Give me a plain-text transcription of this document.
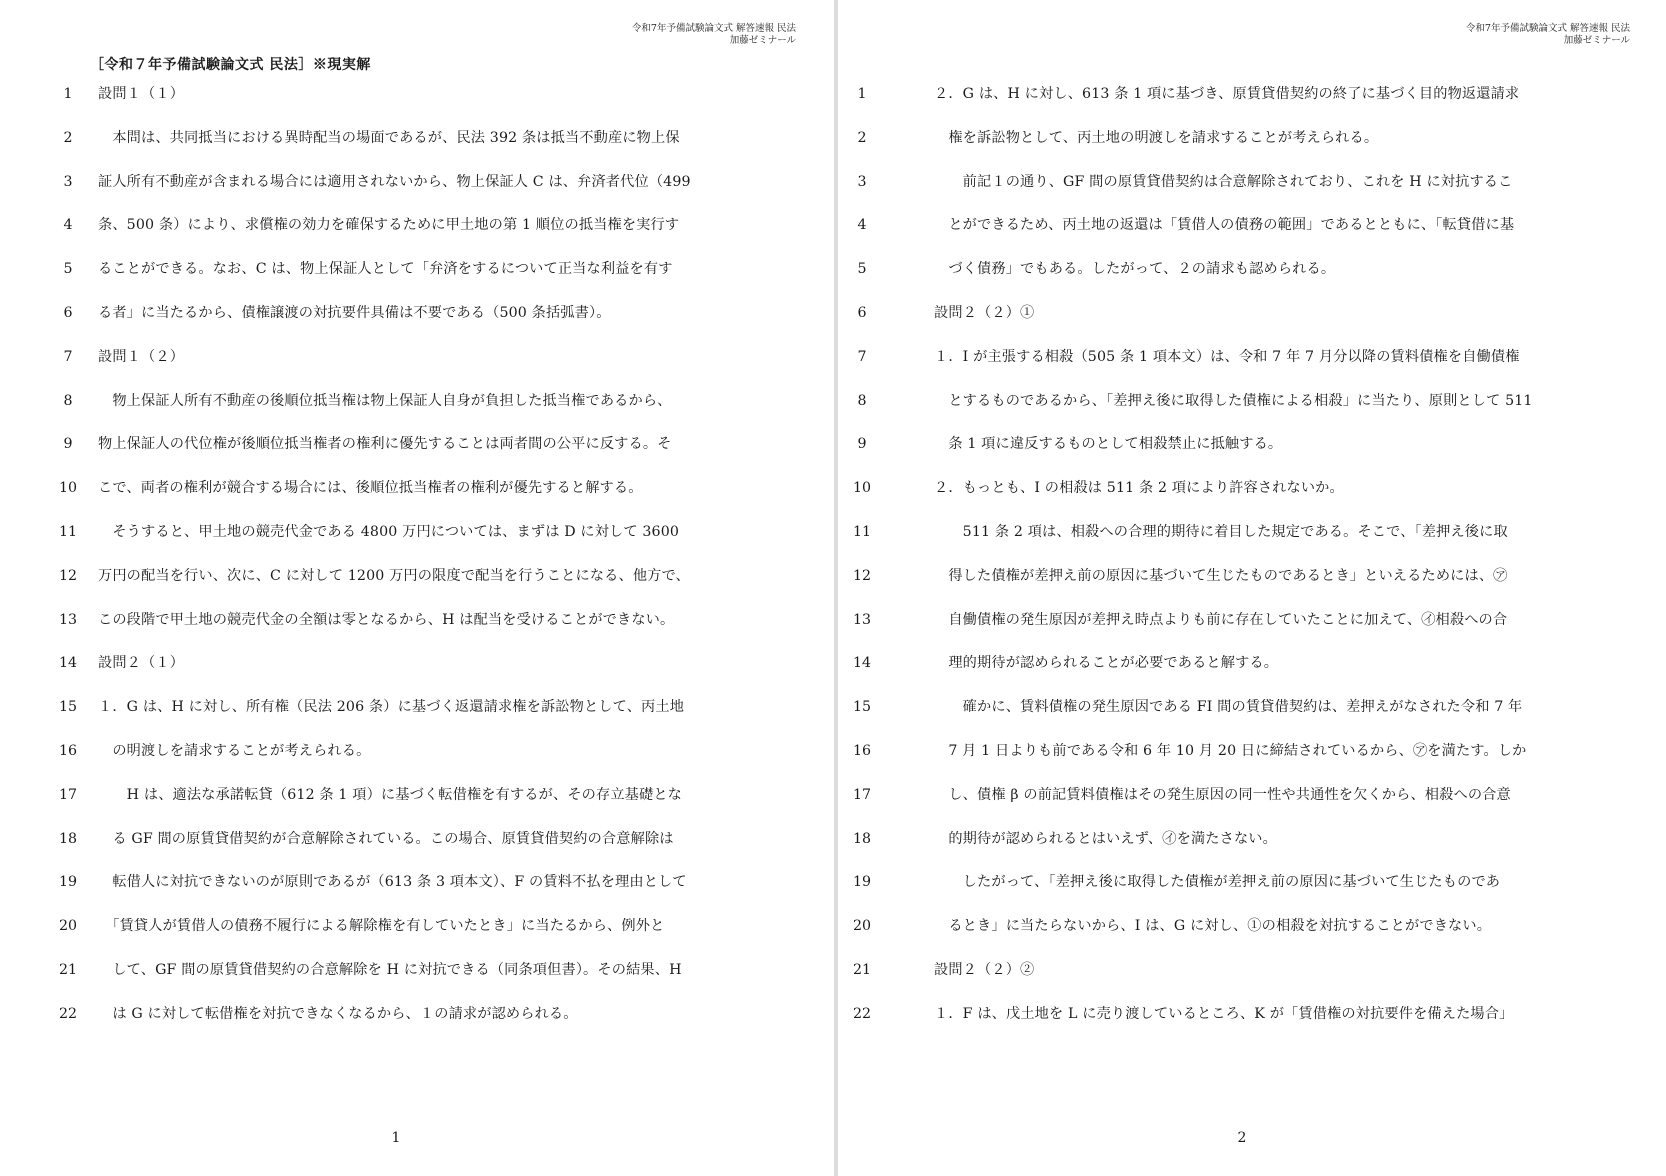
令和7年予備試験論文式 解答速報 民法
加藤ゼミナール
［令和７年予備試験論文式 民法］※現実解
1	設問１（１）
2	　本問は、共同抵当における異時配当の場面であるが、民法 392 条は抵当不動産に物上保
3	証人所有不動産が含まれる場合には適用されないから、物上保証人 C は、弁済者代位（499
4	条、500 条）により、求償権の効力を確保するために甲土地の第 1 順位の抵当権を実行す
5	ることができる。なお、C は、物上保証人として「弁済をするについて正当な利益を有す
6	る者」に当たるから、債権譲渡の対抗要件具備は不要である（500 条括弧書）。
7	設問１（２）
8	　物上保証人所有不動産の後順位抵当権は物上保証人自身が負担した抵当権であるから、
9	物上保証人の代位権が後順位抵当権者の権利に優先することは両者間の公平に反する。そ
10	こで、両者の権利が競合する場合には、後順位抵当権者の権利が優先すると解する。
11	　そうすると、甲土地の競売代金である 4800 万円については、まずは D に対して 3600
12	万円の配当を行い、次に、C に対して 1200 万円の限度で配当を行うことになる、他方で、
13	この段階で甲土地の競売代金の全額は零となるから、H は配当を受けることができない。
14	設問２（１）
15	１．G は、H に対し、所有権（民法 206 条）に基づく返還請求権を訴訟物として、丙土地
16	　の明渡しを請求することが考えられる。
17	　　H は、適法な承諾転貸（612 条 1 項）に基づく転借権を有するが、その存立基礎とな
18	　る GF 間の原賃貸借契約が合意解除されている。この場合、原賃貸借契約の合意解除は
19	　転借人に対抗できないのが原則であるが（613 条 3 項本文）、F の賃料不払を理由として
20	　「賃貸人が賃借人の債務不履行による解除権を有していたとき」に当たるから、例外と
21	　して、GF 間の原賃貸借契約の合意解除を H に対抗できる（同条項但書）。その結果、H
22	　は G に対して転借権を対抗できなくなるから、１の請求が認められる。
1
令和7年予備試験論文式 解答速報 民法
加藤ゼミナール
1	２．G は、H に対し、613 条 1 項に基づき、原賃貸借契約の終了に基づく目的物返還請求
2	　権を訴訟物として、丙土地の明渡しを請求することが考えられる。
3	　　前記１の通り、GF 間の原賃貸借契約は合意解除されており、これを H に対抗するこ
4	　とができるため、丙土地の返還は「賃借人の債務の範囲」であるとともに、「転貸借に基
5	　づく債務」でもある。したがって、２の請求も認められる。
6	設問２（２）①
7	１．I が主張する相殺（505 条 1 項本文）は、令和 7 年 7 月分以降の賃料債権を自働債権
8	　とするものであるから、「差押え後に取得した債権による相殺」に当たり、原則として 511
9	　条 1 項に違反するものとして相殺禁止に抵触する。
10	２．もっとも、I の相殺は 511 条 2 項により許容されないか。
11	　　511 条 2 項は、相殺への合理的期待に着目した規定である。そこで、「差押え後に取
12	　得した債権が差押え前の原因に基づいて生じたものであるとき」といえるためには、㋐
13	　自働債権の発生原因が差押え時点よりも前に存在していたことに加えて、㋑相殺への合
14	　理的期待が認められることが必要であると解する。
15	　　確かに、賃料債権の発生原因である FI 間の賃貸借契約は、差押えがなされた令和 7 年
16	　7 月 1 日よりも前である令和 6 年 10 月 20 日に締結されているから、㋐を満たす。しか
17	　し、債権 β の前記賃料債権はその発生原因の同一性や共通性を欠くから、相殺への合意
18	　的期待が認められるとはいえず、㋑を満たさない。
19	　　したがって、「差押え後に取得した債権が差押え前の原因に基づいて生じたものであ
20	　るとき」に当たらないから、I は、G に対し、①の相殺を対抗することができない。
21	設問２（２）②
22	１．F は、戊土地を L に売り渡しているところ、K が「賃借権の対抗要件を備えた場合」
2
